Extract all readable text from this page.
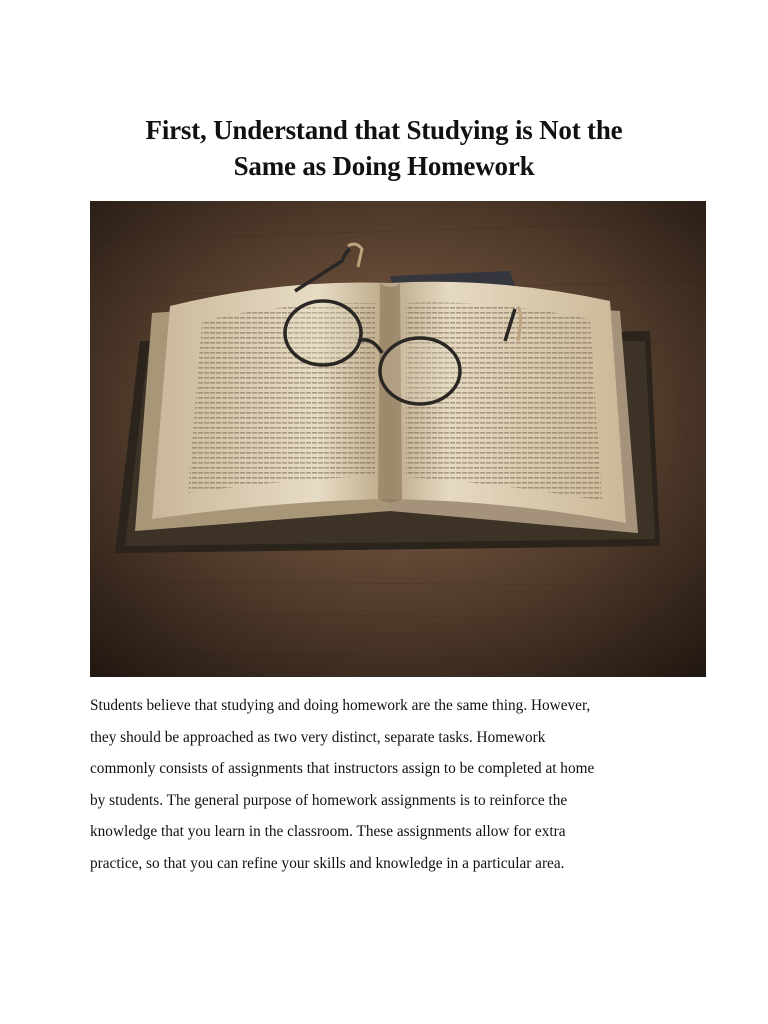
First, Understand that Studying is Not the
Same as Doing Homework

Students believe that studying and doing homework are the same thing. However,
they should be approached as two very distinct, separate tasks. Homework
commonly consists of assignments that instructors assign to be completed at home
by students. The general purpose of homework assignments is to reinforce the
knowledge that you learn in the classroom. These assignments allow for extra
practice, so that you can refine your skills and knowledge in a particular area.
